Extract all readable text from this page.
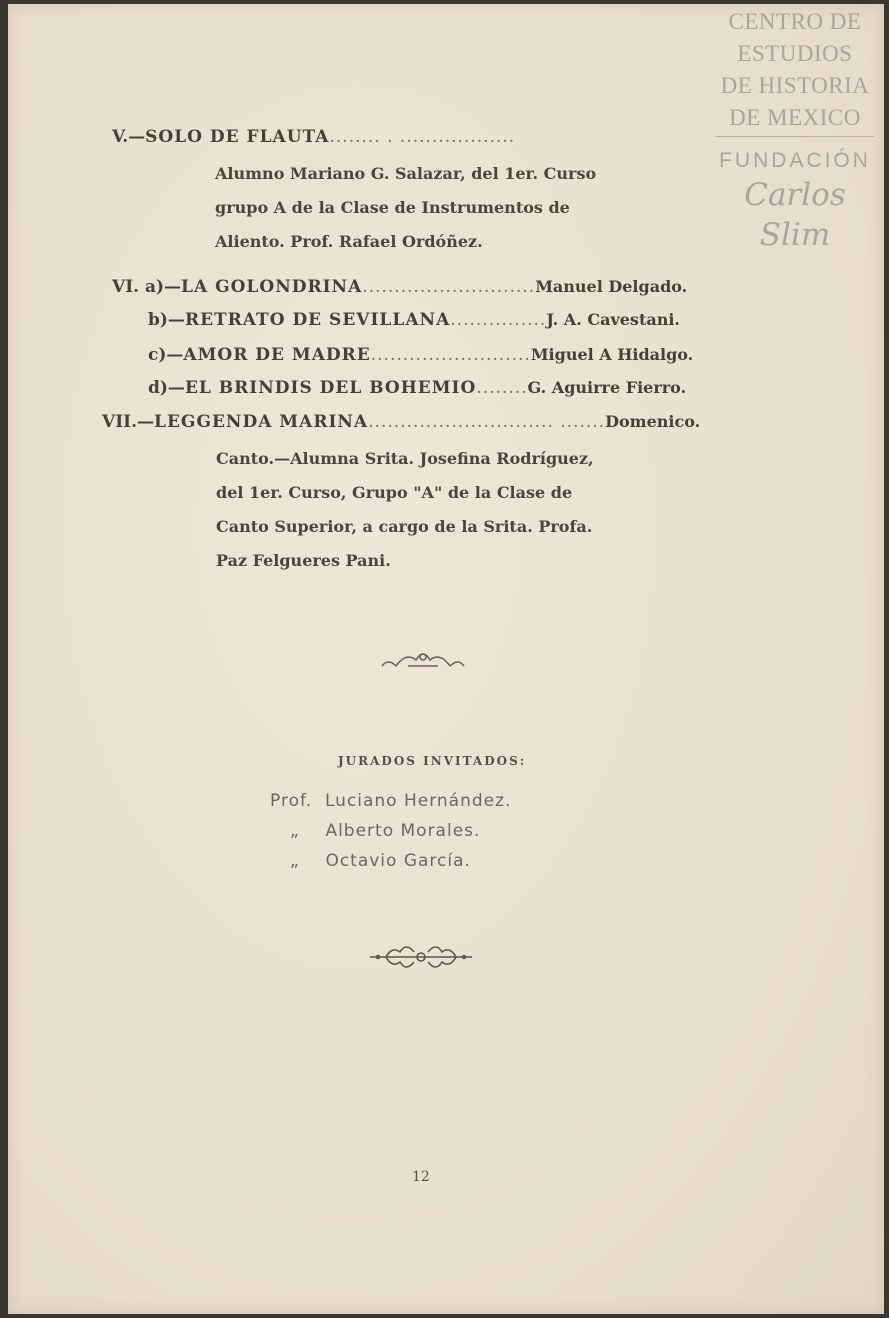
CENTRO DE
ESTUDIOS
DE HISTORIA
DE MEXICO
FUNDACIÓN
Carlos Slim
V.—SOLO DE FLAUTA........ . ..................
Alumno Mariano G. Salazar, del 1er. Curso
grupo A de la Clase de Instrumentos de
Aliento. Prof. Rafael Ordóñez.
VI. a)—LA GOLONDRINA...........................Manuel Delgado.
b)—RETRATO DE SEVILLANA...............J. A. Cavestani.
c)—AMOR DE MADRE.........................Miguel A Hidalgo.
d)—EL BRINDIS DEL BOHEMIO........G. Aguirre Fierro.
VII.—LEGGENDA MARINA............................. .......Domenico.
Canto.—Alumna Srita. Josefina Rodríguez,
del 1er. Curso, Grupo "A" de la Clase de
Canto Superior, a cargo de la Srita. Profa.
Paz Felgueres Pani.
JURADOS INVITADOS:
Prof. Luciano Hernández.
„ Alberto Morales.
„ Octavio García.
12
